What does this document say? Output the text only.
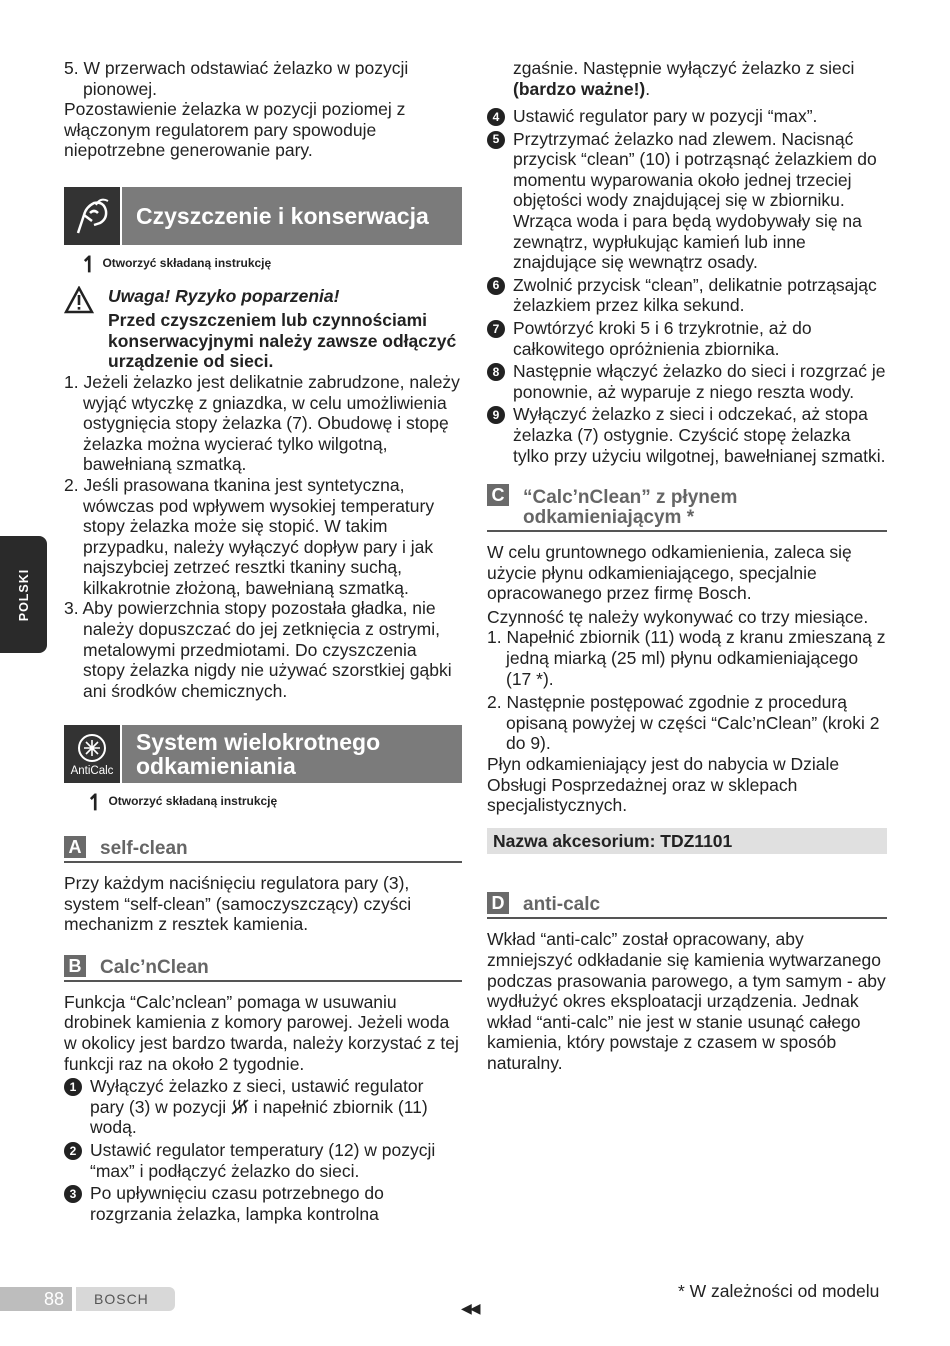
POLSKI

5. W przerwach odstawiać żelazko w pozycji pionowej.

Pozostawienie żelazka w pozycji poziomej z włączonym regulatorem pary spowoduje niepotrzebne generowanie pary.

Czyszczenie i konserwacja
↿ Otworzyć składaną instrukcję

Uwaga! Ryzyko poparzenia!

Przed czyszczeniem lub czynnościami konserwacyjnymi należy zawsze odłączyć urządzenie od sieci.

1. Jeżeli żelazko jest delikatnie zabrudzone, należy wyjąć wtyczkę z gniazdka, w celu umożliwienia ostygnięcia stopy żelazka (7). Obudowę i stopę żelazka można wycierać tylko wilgotną, bawełnianą szmatką.

2. Jeśli prasowana tkanina jest syntetyczna, wówczas pod wpływem wysokiej temperatury stopy żelazka może się stopić. W takim przypadku, należy wyłączyć dopływ pary i jak najszybciej zetrzeć resztki tkaniny suchą, kilkakrotnie złożoną, bawełnianą szmatką.

3. Aby powierzchnia stopy pozostała gładka, nie należy dopuszczać do jej zetknięcia z ostrymi, metalowymi przedmiotami. Do czyszczenia stopy żelazka nigdy nie używać szorstkiej gąbki ani środków chemicznych.

AntiCalc
System wielokrotnego
odkamieniania
↿ Otworzyć składaną instrukcję
A self-clean

Przy każdym naciśnięciu regulatora pary (3), system “self-clean” (samoczyszczący) czyści mechanizm z resztek kamienia.

B Calc’nClean

Funkcja “Calc’nclean” pomaga w usuwaniu drobinek kamienia z komory parowej. Jeżeli woda w okolicy jest bardzo twarda, należy korzystać z tej funkcji raz na około 2 tygodnie.

1 Wyłączyć żelazko z sieci, ustawić regulator pary (3) w pozycji i napełnić zbiornik (11) wodą.

2 Ustawić regulator temperatury (12) w pozycji “max” i podłączyć żelazko do sieci.

3 Po upływnięciu czasu potrzebnego do rozgrzania żelazka, lampka kontrolna

zgaśnie. Następnie wyłączyć żelazko z sieci (bardzo ważne!).

4 Ustawić regulator pary w pozycji “max”.

5 Przytrzymać żelazko nad zlewem. Nacisnąć przycisk “clean” (10) i potrząsnąć żelazkiem do momentu wyparowania około jednej trzeciej objętości wody znajdującej się w zbiorniku. Wrząca woda i para będą wydobywały się na zewnątrz, wypłukując kamień lub inne znajdujące się wewnątrz osady.

6 Zwolnić przycisk “clean”, delikatnie potrząsając żelazkiem przez kilka sekund.

7 Powtórzyć kroki 5 i 6 trzykrotnie, aż do całkowitego opróżnienia zbiornika.

8 Następnie włączyć żelazko do sieci i rozgrzać je ponownie, aż wyparuje z niego reszta wody.

9 Wyłączyć żelazko z sieci i odczekać, aż stopa żelazka (7) ostygnie. Czyścić stopę żelazka tylko przy użyciu wilgotnej, bawełnianej szmatki.

C “Calc’nClean” z płynem
odkamieniającym *

W celu gruntownego odkamienienia, zaleca się użycie płynu odkamieniającego, specjalnie opracowanego przez firmę Bosch.

Czynność tę należy wykonywać co trzy miesiące.

1. Napełnić zbiornik (11) wodą z kranu zmieszaną z jedną miarką (25 ml) płynu odkamieniającego (17 *).

2. Następnie postępować zgodnie z procedurą opisaną powyżej w części “Calc’nClean” (kroki 2 do 9).

Płyn odkamieniający jest do nabycia w Dziale Obsługi Posprzedażnej oraz w sklepach specjalistycznych.

Nazwa akcesorium: TDZ1101
D anti-calc

Wkład “anti-calc” został opracowany, aby zmniejszyć odkładanie się kamienia wytwarzanego podczas prasowania parowego, a tym samym - aby wydłużyć okres eksploatacji urządzenia. Jednak wkład “anti-calc” nie jest w stanie usunąć całego kamienia, który powstaje z czasem w sposób naturalny.

88	BOSCH
◀◀
* W zależności od modelu
